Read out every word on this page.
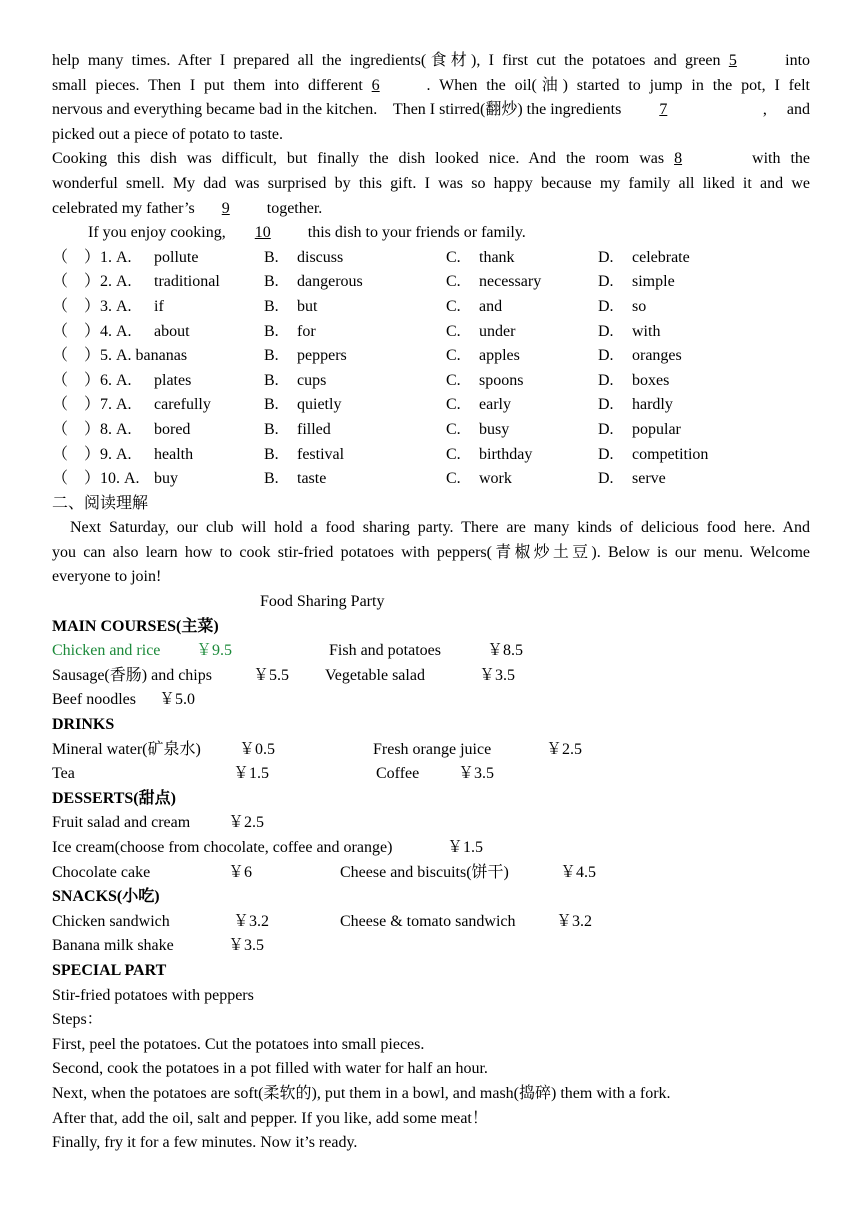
help many times. After I prepared all the ingredients(食材), I first cut the potatoes and green 5	into
small pieces. Then I put them into different 6	. When the oil(油) started to jump in the pot, I felt
nervous and everything became bad in the kitchen.    Then I stirred(翻炒) the ingredients 7	,     and
picked out a piece of potato to taste.
Cooking this dish was difficult, but finally the dish looked nice. And the room was 8	with the
wonderful smell. My dad was surprised by this gift. I was so happy because my family all liked it and we
celebrated my father’s 9 together.
If you enjoy cooking, 10 this dish to your friends or family.
（    ）1. A. pollute	B. discuss	C. thank	D. celebrate
（    ）2. A. traditional	B. dangerous	C. necessary	D. simple
（    ）3. A. if	B. but	C. and	D. so
（    ）4. A. about	B. for	C. under	D. with
（    ）5. A. bananas	B. peppers	C. apples	D. oranges
（    ）6. A. plates	B. cups	C. spoons	D. boxes
（    ）7. A. carefully	B. quietly	C. early	D. hardly
（    ）8. A. bored	B. filled	C. busy	D. popular
（    ）9. A. health	B. festival	C. birthday	D. competition
（    ）10. A. buy	B. taste	C. work	D. serve
二、阅读理解
Next Saturday, our club will hold a food sharing party. There are many kinds of delicious food here. And
you can also learn how to cook stir-fried potatoes with peppers(青椒炒土豆). Below is our menu. Welcome
everyone to join!
Food Sharing Party
MAIN COURSES(主菜)
Chicken and rice ￥9.5	Fish and potatoes	￥8.5
Sausage(香肠) and chips	￥5.5 Vegetable salad	￥3.5
Beef noodles ￥5.0
DRINKS
Mineral water(矿泉水) ￥0.5	Fresh orange juice	￥2.5
Tea	￥1.5	Coffee ￥3.5
DESSERTS(甜点)
Fruit salad and cream ￥2.5
Ice cream(choose from chocolate, coffee and orange)	￥1.5
Chocolate cake	￥6	Cheese and biscuits(饼干)	￥4.5
SNACKS(小吃)
Chicken sandwich	￥3.2	Cheese & tomato sandwich	￥3.2
Banana milk shake	￥3.5
SPECIAL PART
Stir-fried potatoes with peppers
Steps：
First, peel the potatoes. Cut the potatoes into small pieces.
Second, cook the potatoes in a pot filled with water for half an hour.
Next, when the potatoes are soft(柔软的), put them in a bowl, and mash(捣碎) them with a fork.
After that, add the oil, salt and pepper. If you like, add some meat！
Finally, fry it for a few minutes. Now it’s ready.
